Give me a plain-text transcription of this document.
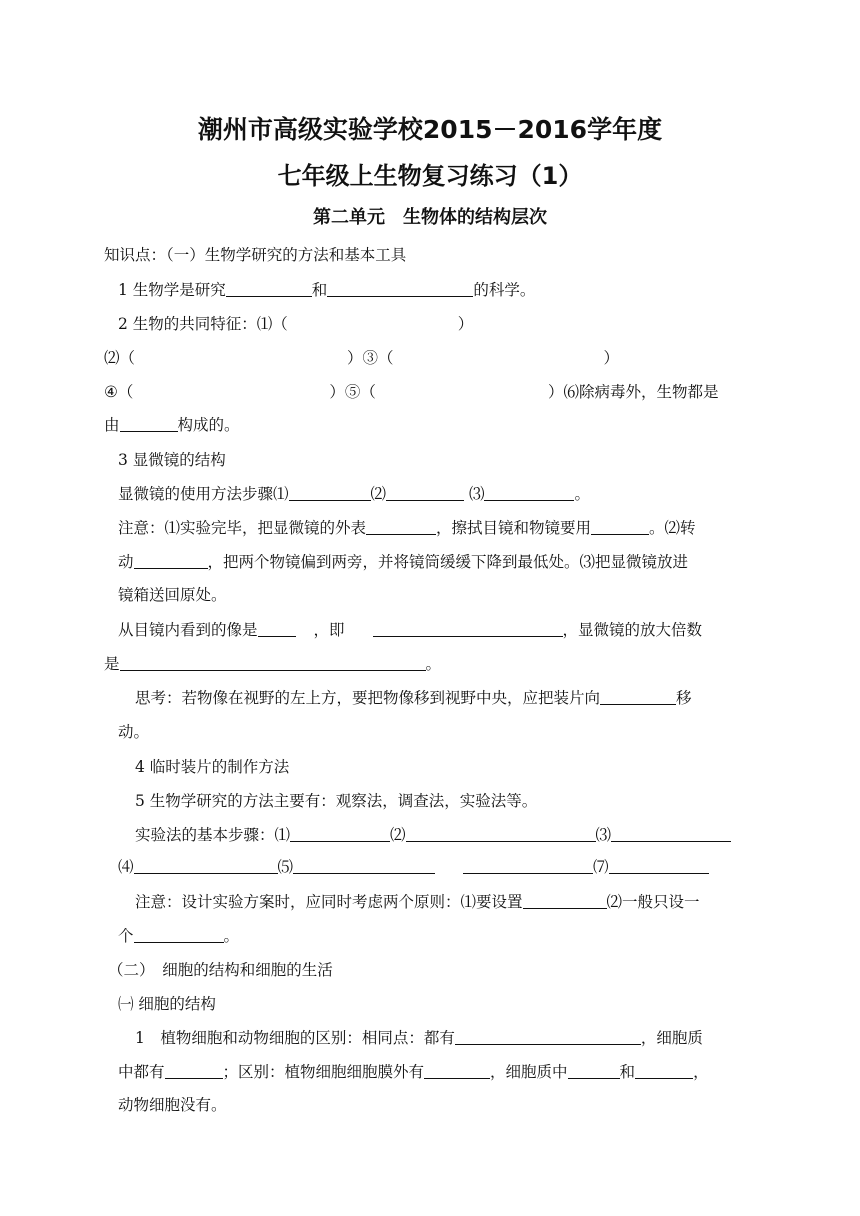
潮州市高级实验学校2015－2016学年度
七年级上生物复习练习（1）
第二单元　生物体的结构层次
知识点：（一）生物学研究的方法和基本工具
1 生物学是研究	和	的科学。
2 生物的共同特征：⑴（	）
⑵（	）③（	）
④（	）⑤（	）⑹除病毒外，生物都是
由	构成的。
3 显微镜的结构
显微镜的使用方法步骤⑴	⑵	⑶	。
注意：⑴实验完毕，把显微镜的外表	，擦拭目镜和物镜要用	。⑵转
动	，把两个物镜偏到两旁，并将镜筒缓缓下降到最低处。⑶把显微镜放进
镜箱送回原处。
从目镜内看到的像是	，即	，显微镜的放大倍数
是	。
思考：若物像在视野的左上方，要把物像移到视野中央，应把装片向	移
动。
4 临时装片的制作方法
5 生物学研究的方法主要有：观察法，调查法，实验法等。
实验法的基本步骤：⑴	⑵	⑶
⑷	⑸	⑺
注意：设计实验方案时，应同时考虑两个原则：⑴要设置	⑵一般只设一
个	。
（二）　细胞的结构和细胞的生活
㈠ 细胞的结构
1　植物细胞和动物细胞的区别：相同点：都有	，细胞质
中都有	；区别：植物细胞细胞膜外有	，细胞质中	和	，
动物细胞没有。
